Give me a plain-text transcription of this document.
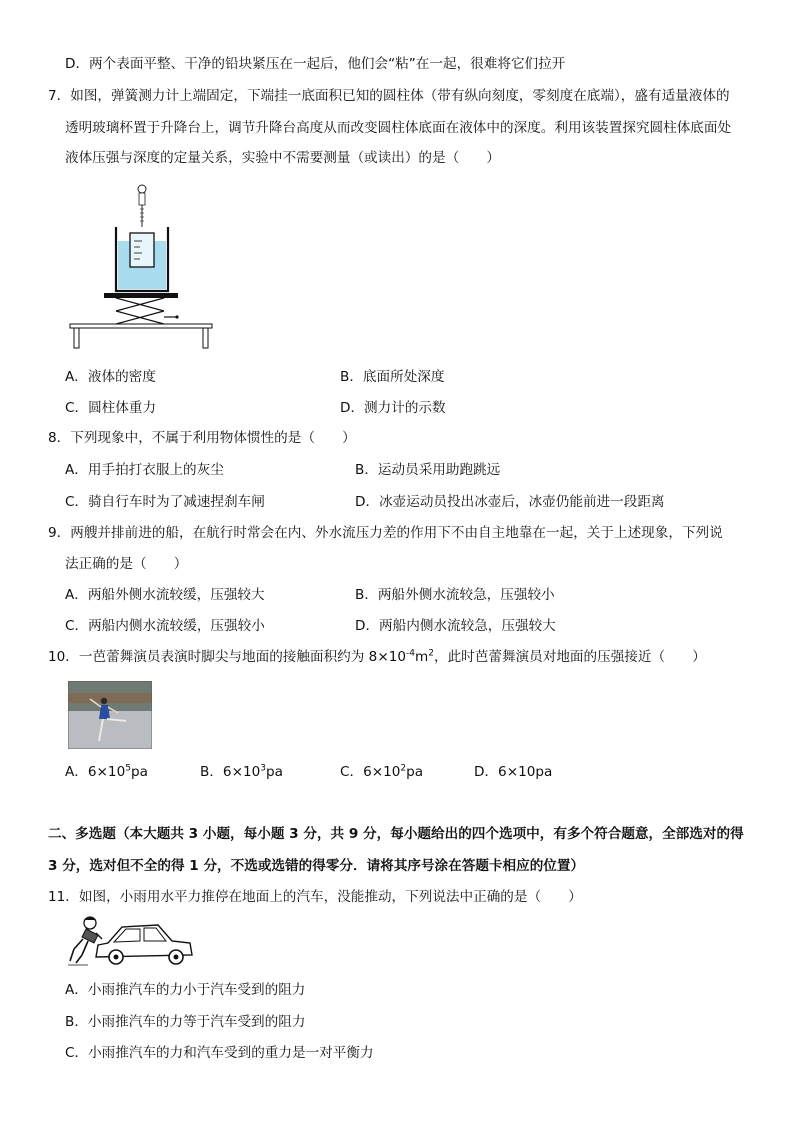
D．两个表面平整、干净的铅块紧压在一起后，他们会“粘”在一起，很难将它们拉开
7．如图，弹簧测力计上端固定，下端挂一底面积已知的圆柱体（带有纵向刻度，零刻度在底端），盛有适量液体的
透明玻璃杯置于升降台上，调节升降台高度从而改变圆柱体底面在液体中的深度。利用该装置探究圆柱体底面处
液体压强与深度的定量关系，实验中不需要测量（或读出）的是（　　）
A．液体的密度	B．底面所处深度
C．圆柱体重力	D．测力计的示数
8．下列现象中，不属于利用物体惯性的是（　　）
A．用手拍打衣服上的灰尘	B．运动员采用助跑跳远
C．骑自行车时为了减速捏刹车闸	D．冰壶运动员投出冰壶后，冰壶仍能前进一段距离
9．两艘并排前进的船，在航行时常会在内、外水流压力差的作用下不由自主地靠在一起，关于上述现象，下列说
法正确的是（　　）
A．两船外侧水流较缓，压强较大	B．两船外侧水流较急，压强较小
C．两船内侧水流较缓，压强较小	D．两船内侧水流较急，压强较大
10．一芭蕾舞演员表演时脚尖与地面的接触面积约为 $8\times 10^{-4}m^2$，此时芭蕾舞演员对地面的压强接近（　　）
A．$6\times 10^5pa$	B．$6\times 10^3pa$	C．$6\times 10^2pa$	D．6×10pa
二、多选题（本大题共 3 小题，每小题 3 分，共 9 分，每小题给出的四个选项中，有多个符合题意，全部选对的得
3 分，选对但不全的得 1 分，不选或选错的得零分．请将其序号涂在答题卡相应的位置）
11．如图，小雨用水平力推停在地面上的汽车，没能推动，下列说法中正确的是（　　）
A．小雨推汽车的力小于汽车受到的阻力
B．小雨推汽车的力等于汽车受到的阻力
C．小雨推汽车的力和汽车受到的重力是一对平衡力
